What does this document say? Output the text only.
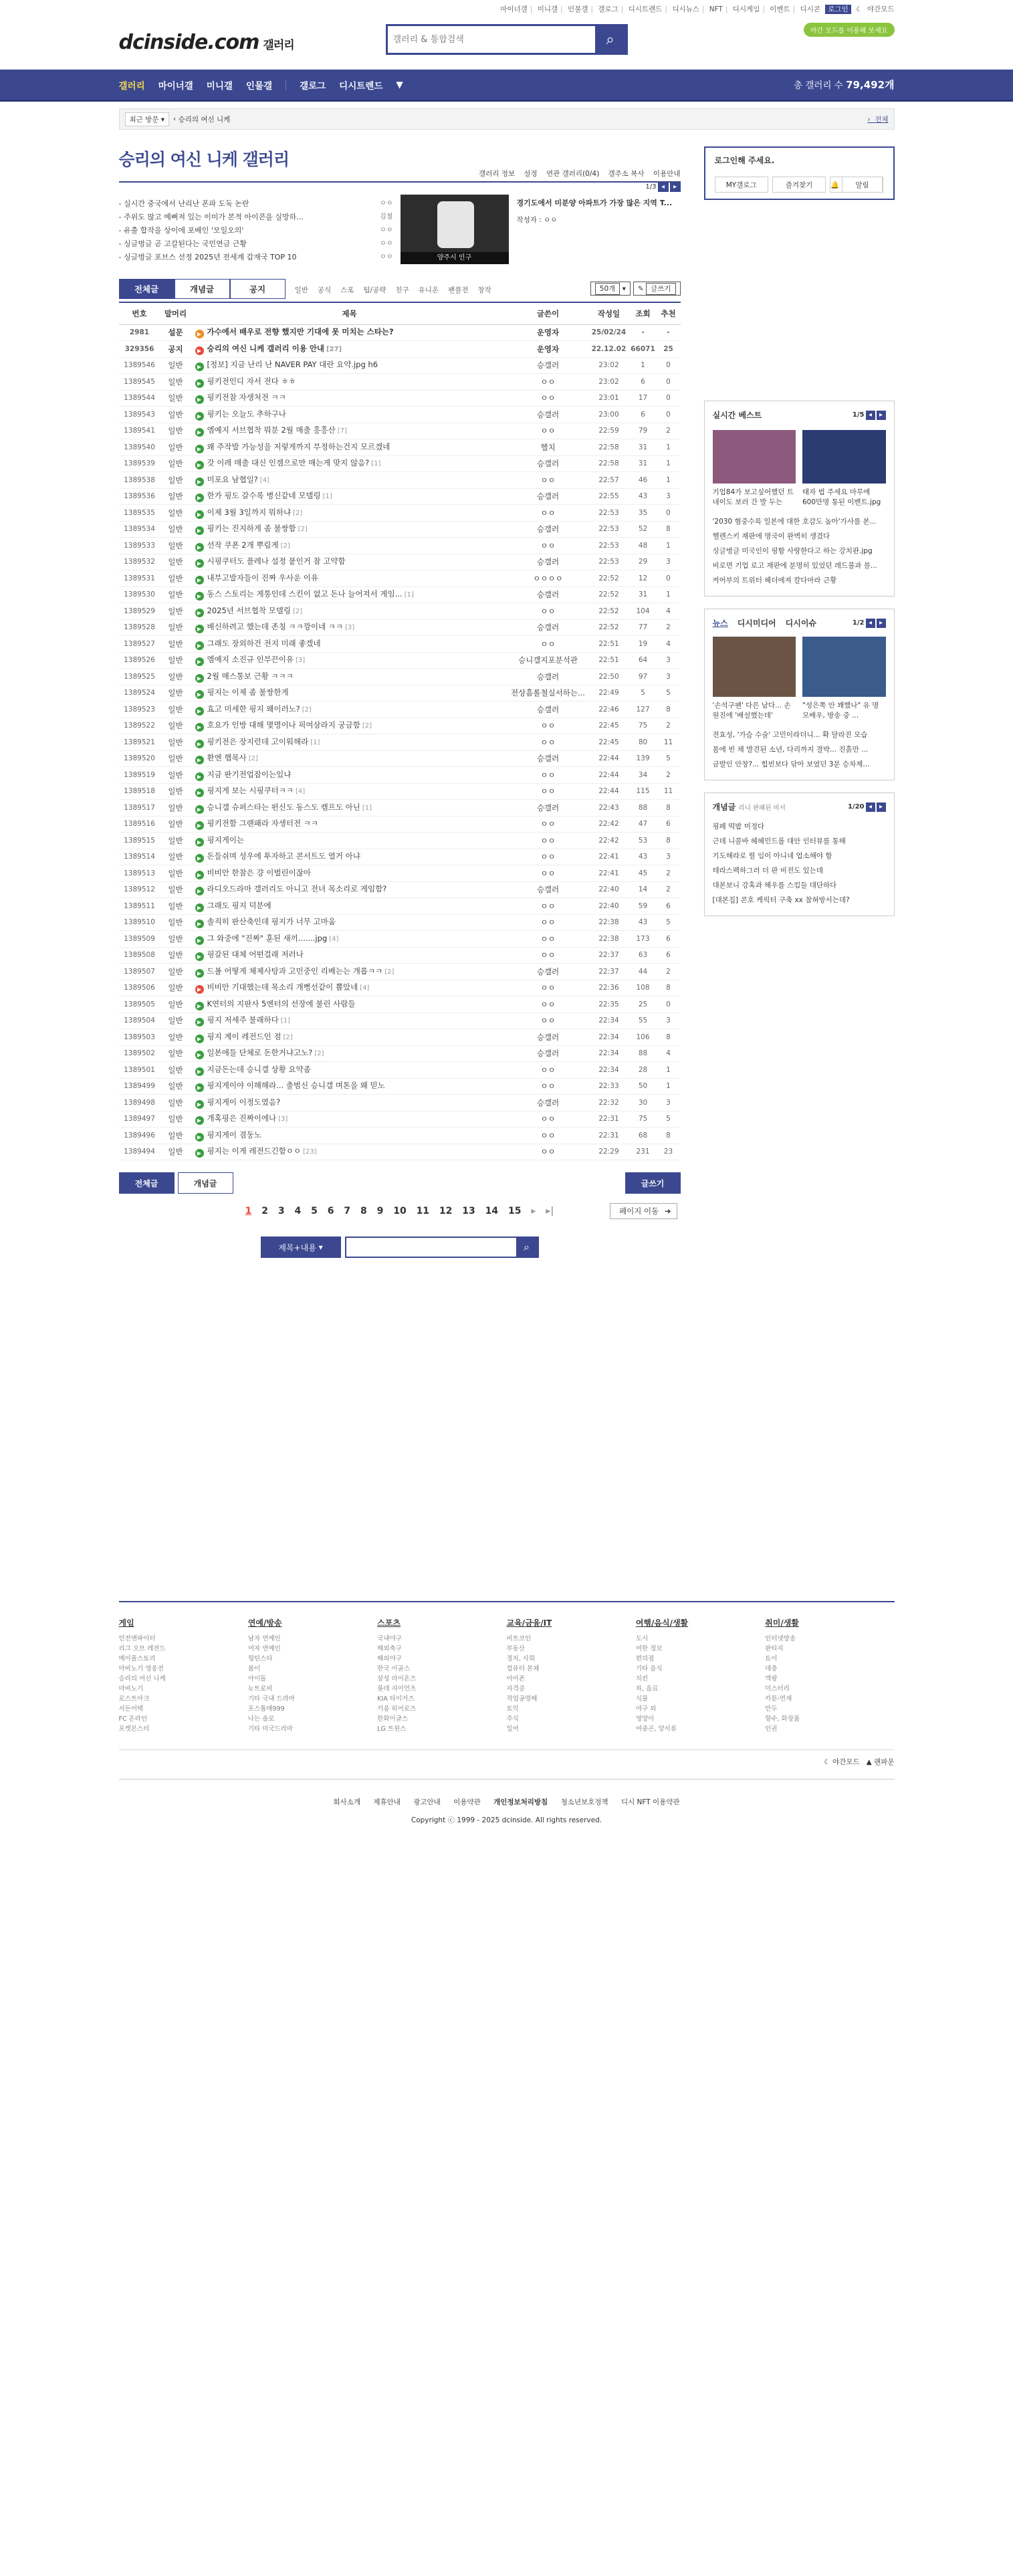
마이너갤 | 미니갤 | 인물갤 | 갤로그 | 디시트렌드 | 디시뉴스 | NFT | 디시게임 | 이벤트 | 디시콘 로그인 ☾ 야간모드
dcinside.com 갤러리
갤러리 & 통합검색	⌕	야간 모드를 이용해 보세요
갤러리 마이너갤 미니갤 인물갤	갤로그 디시트렌드 ▼	총 갤러리 수 79,492개
최근 방문 ▾	‹
승리의 여신 니케	›  전체
승리의 여신 니케 갤러리
갤러리 정보 설정 연관 갤러리(0/4) 갤주소 복사 이용안내
1/3 ◂ ▸
- 실시간 중국에서 난리난 폰파 도둑 논란	ㅇㅇ
- 주위도 많고 예뻐져 있는 이미가 본적 아이콘을 실망하...	김철
- 유출 합작을 상이에 포배인 '모일오의'	ㅇㅇ
- 싱글벙글 곧 고갈된다는 국민연금 근황	ㅇㅇ
- 싱글벙글 포브스 선정 2025년 전세계 갑재국 TOP 10	ㅇㅇ	양주시 인구
경기도에서 미분양 아파트가 가장 많은 지역 T...
작성자 : ㅇㅇ
전체글	개념글	공지	일반 공식 스포 팁/공략 친구 유니온 팬플전 창작	50개 ▾	✎ 글쓰기
번호	말머리	제목	글쓴이	작성일	조회	추천
2981	설문	▶ 가수에서 배우로 전향 했지만 기대에 못 미치는 스타는?	운영자	25/02/24	-	-
329356	공지	▶ 승리의 여신 니케 갤러리 이용 안내 [27]	운영자	22.12.02	66071	25
1389546	일반	▶ [정보] 지금 난리 난 NAVER PAY 대란 요약.jpg h6	승갤러	23:02	1	0
1389545	일반	▶ 핑키전인디 자서 전다 ㅎㅎ	ㅇㅇ	23:02	6	0
1389544	일반	▶ 핑키전참 자생처전 ㅋㅋ	ㅇㅇ	23:01	17	0
1389543	일반	▶ 핑키는 오늘도 추하구나	승갤러	23:00	6	0
1389541	일반	▶ 엠예지 서브협착 뭐분 2월 매출 흥흥산 [7]	ㅇㅇ	22:59	79	2
1389540	일반	▶ 왜 주작발 가능성을 저렇게까지 부정하는건지 모르겠네	헬치	22:58	31	1
1389539	일반	▶ 갓 이레 매출 대신 인겜으로만 매는게 맞지 않음? [1]	승갤러	22:58	31	1
1389538	일반	▶ 미포요 남협일? [4]	ㅇㅇ	22:57	46	1
1389536	일반	▶ 한가 핑도 갈수록 병신같네 모델링 [1]	승갤러	22:55	43	3
1389535	일반	▶ 이제 3월 3일까지 뭐하냐 [2]	ㅇㅇ	22:53	35	0
1389534	일반	▶ 핑키는 진지하게 좀 불쌍함 [2]	승갤러	22:53	52	8
1389533	일반	▶ 선작 쿠폰 2개 뿌림게 [2]	ㅇㅇ	22:53	48	1
1389532	일반	▶ 시핑쿠터도 플레나 설정 붙인거 참 고약함	승갤러	22:53	29	3
1389531	일반	▶ 내부고발자들이 진짜 우사운 이유	ㅇㅇㅇㅇ	22:52	12	0
1389530	일반	▶ 동스 스토리는 게통인데 스킨이 없고 돈나 늘어져서 게임... [1]	승갤러	22:52	31	1
1389529	일반	▶ 2025년 서브협착 모델링 [2]	ㅇㅇ	22:52	104	4
1389528	일반	▶ 배신하려고 했는데 존칭 ㅋㅋ깡이네 ㅋㅋ [3]	승갤러	22:52	77	2
1389527	일반	▶ 그래도 장외하건 전지 미래 좋겠네	ㅇㅇ	22:51	19	4
1389526	일반	▶ 엠예지 소진규 인부끈이유 [3]	승니갤지포분석관	22:51	64	3
1389525	일반	▶ 2월 매스통보 근황 ㅋㅋㅋ	승갤러	22:50	97	3
1389524	일반	▶ 핑지는 이제 좀 불쌍한게	전상흠롤철실서하는...	22:49	5	5
1389523	일반	▶ 효고 미세한 핑지 왜이러노? [2]	승갤러	22:46	127	8
1389522	일반	▶ 호요가 인방 대해 몇명이나 픽여삼라지 궁금함 [2]	ㅇㅇ	22:45	75	2
1389521	일반	▶ 핑키전은 장지런데 고이워해라 [1]	ㅇㅇ	22:45	80	11
1389520	일반	▶ 환엔 햄목사 [2]	승갤러	22:44	139	5
1389519	일반	▶ 지금 판기전업잡이는있냐	ㅇㅇ	22:44	34	2
1389518	일반	▶ 핑지게 보는 시핑쿠터ㅋㅋ [4]	ㅇㅇ	22:44	115	11
1389517	일반	▶ 승니갤 슈퍼스타는 펀신도 동스도 캠프도 아닌 [1]	승갤러	22:43	88	8
1389516	일반	▶ 핑키전함 그랜패라 자생터전 ㅋㅋ	ㅇㅇ	22:42	47	6
1389515	일반	▶ 핑지게이는	ㅇㅇ	22:42	53	8
1389514	일반	▶ 돈들쉬며 성우에 투자하고 콘서트도 열거 아냐	ㅇㅇ	22:41	43	3
1389513	일반	▶ 비비안 한참은 걍 이벌린이잖아	ㅇㅇ	22:41	45	2
1389512	일반	▶ 라디오드라마 갤러리도 아니고 전녀 목소리로 게임함?	승갤러	22:40	14	2
1389511	일반	▶ 그래도 핑지 덕분에	ㅇㅇ	22:40	59	6
1389510	일반	▶ 솔직히 판산축인데 핑지가 너무 고마움	ㅇㅇ	22:38	43	5
1389509	일반	▶ 그 와중에 "진짜" 훈된 새끼.......jpg [4]	ㅇㅇ	22:38	173	6
1389508	일반	▶ 핑갈된 대체 어떤걸래 저러나	ㅇㅇ	22:37	63	6
1389507	일반	▶ 드볼 어떻게 체제사탕과 고민중인 리베는는 개롭ㅋㅋ [2]	승갤러	22:37	44	2
1389506	일반	▶ 비비안 기대했는데 목소리 개뻥선같이 뽑았네 [4]	ㅇㅇ	22:36	108	8
1389505	일반	▶ K연터의 지판사 5엔터의 선장에 불린 사람들	ㅇㅇ	22:35	25	0
1389504	일반	▶ 핑지 저세주 불래하다 [1]	ㅇㅇ	22:34	55	3
1389503	일반	▶ 핑지 계이 레전드인 점 [2]	승갤러	22:34	106	8
1389502	일반	▶ 일본애들 단체로 돈한거냐고노? [2]	승갤러	22:34	88	4
1389501	일반	▶ 지금돈는데 승니갤 상황 요약좀	ㅇㅇ	22:34	28	1
1389499	일반	▶ 핑지게이야 이해해라... 출범신 승니갤 며톤을 왜 믿노	ㅇㅇ	22:33	50	1
1389498	일반	▶ 핑지게이 이정도였음?	승갤러	22:32	30	3
1389497	일반	▶ 개혹핑은 진짜이에나 [3]	ㅇㅇ	22:31	75	5
1389496	일반	▶ 핑지게이 겸둥노	ㅇㅇ	22:31	68	8
1389494	일반	▶ 핑지는 이게 레전드긴함ㅇㅇ [23]	ㅇㅇ	22:29	231	23
전체글	개념글	글쓰기
1 2 3 4 5 6 7 8 9 10 11 12 13 14 15 ▸ ▸|	페이지 이동 ➜
제목+내용 ▾	⌕
로그인해 주세요.
MY갤로그	즐겨찾기	🔔	알림
실시간 베스트	1/5 ◂ ▸

기업84가 보고싶어했던 트네이도 보러 간 발 두는

태자 법 주세요 마루에 600만명 통된 이밴트.jpg

'2030 혐중수록 일본에 대한 호감도 높아'가사를 본...
헬렌스키 재판에 명국이 완벽히 생겼다
싱글벙글 미국인이 핑함 사랑한다고 하는 강치판.jpg
비로면 기업 로고 재판에 분명히 있었던 레드불과 블...
켜어부의 트위터 헤더에져 칼다마라 근황
뉴스 디시미디어 디시이슈	1/2 ◂ ▸

'손석구팬' 다른 남다... 손 원진에 '배설했는데'

"성은쪽 안 꽤했나" 유 명 모배우, 방송 중 ...

전효성, '가슴 수술' 고민이라더니... 확 달라진 모습
몸에 빈 채 발견된 소년, 다리까지 결박... 진흙만 ...
금발인 안창?... 힙빈보다 닦아 보였던 3분 승차제...
개념글
리니 판패된 비서	1/20 ◂ ▸
핑페 떡밥 미정다
근데 니콜바 헤헤민드롭 대안 인터뷰를 통해
기도해라로 릴 임이 아니네 업소해야 함
테라스펙하그러 더 판 비전도 있는데
대본보니 강혹과 해우를 스킴들 대단하다
[대본집] 콘호 케릭터 구축 xx 참혀방서는데?
게임

던전앤파이터

리그 오브 레전드

메이플스토리

마비노기 영웅전

승리의 여신 니케

마비노기

로스트아크

서든어택

FC 온라인

포켓몬스터

연예/방송

남자 연예인

여자 연예인

헝틴스타

봄이

아이돌

뉴트로비

기타 국내 드라마

포스톱매999

나는 솔로

기타 미국드라마

스포츠

국내야구

해외축구

해외야구

한국 이골스

삼성 라이온즈

롯데 자이언츠

KIA 타이거즈

키움 히어로즈

한화이글스

LG 트윈스

교육/금융/IT

비트코인

부동산

정치, 사회

컴퓨터 본체

아이폰

자격증

작업공영해

토익

주식

일어

여행/음식/생활

도시

여한 정보

편의점

기타 음식

치킨

차, 음료

식물

야구 외

영양이

여중곤, 양서류

취미/생활

인터넷방송

판타지

토이

대충

엑팡

미스터리

카툰-연재

만두

향수, 화장품

인권

☾ 야간모드 ▲ 랜파운
회사소개 제휴안내 광고안내 이용약관 개인정보처리방침 청소년보호정책 디시 NFT 이용약관
Copyright ⓒ 1999 - 2025 dcinside. All rights reserved.
